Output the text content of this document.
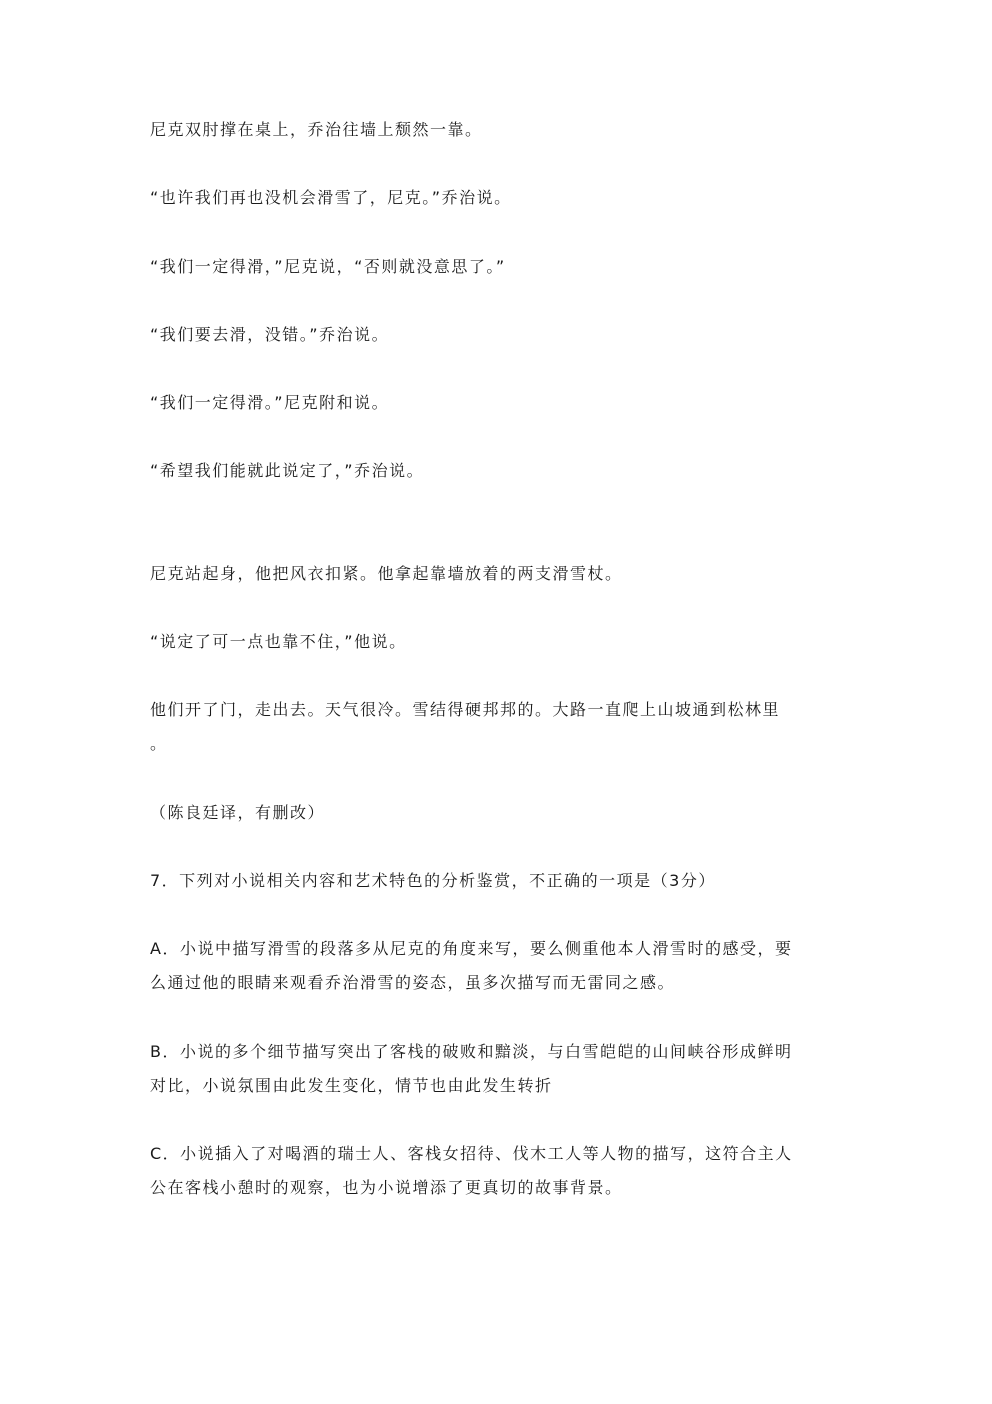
尼克双肘撑在桌上，乔治往墙上颓然一靠。
“也许我们再也没机会滑雪了，尼克。”乔治说。
“我们一定得滑，”尼克说，“否则就没意思了。”
“我们要去滑，没错。”乔治说。
“我们一定得滑。”尼克附和说。
“希望我们能就此说定了，”乔治说。
尼克站起身，他把风衣扣紧。他拿起靠墙放着的两支滑雪杖。
“说定了可一点也靠不住，”他说。
他们开了门，走出去。天气很冷。雪结得硬邦邦的。大路一直爬上山坡通到松林里
。
（陈良廷译，有删改）
7．下列对小说相关内容和艺术特色的分析鉴赏，不正确的一项是（3分）
A．小说中描写滑雪的段落多从尼克的角度来写，要么侧重他本人滑雪时的感受，要
么通过他的眼睛来观看乔治滑雪的姿态，虽多次描写而无雷同之感。
B．小说的多个细节描写突出了客栈的破败和黯淡，与白雪皑皑的山间峡谷形成鲜明
对比，小说氛围由此发生变化，情节也由此发生转折
C．小说插入了对喝酒的瑞士人、客栈女招待、伐木工人等人物的描写，这符合主人
公在客栈小憩时的观察，也为小说增添了更真切的故事背景。
